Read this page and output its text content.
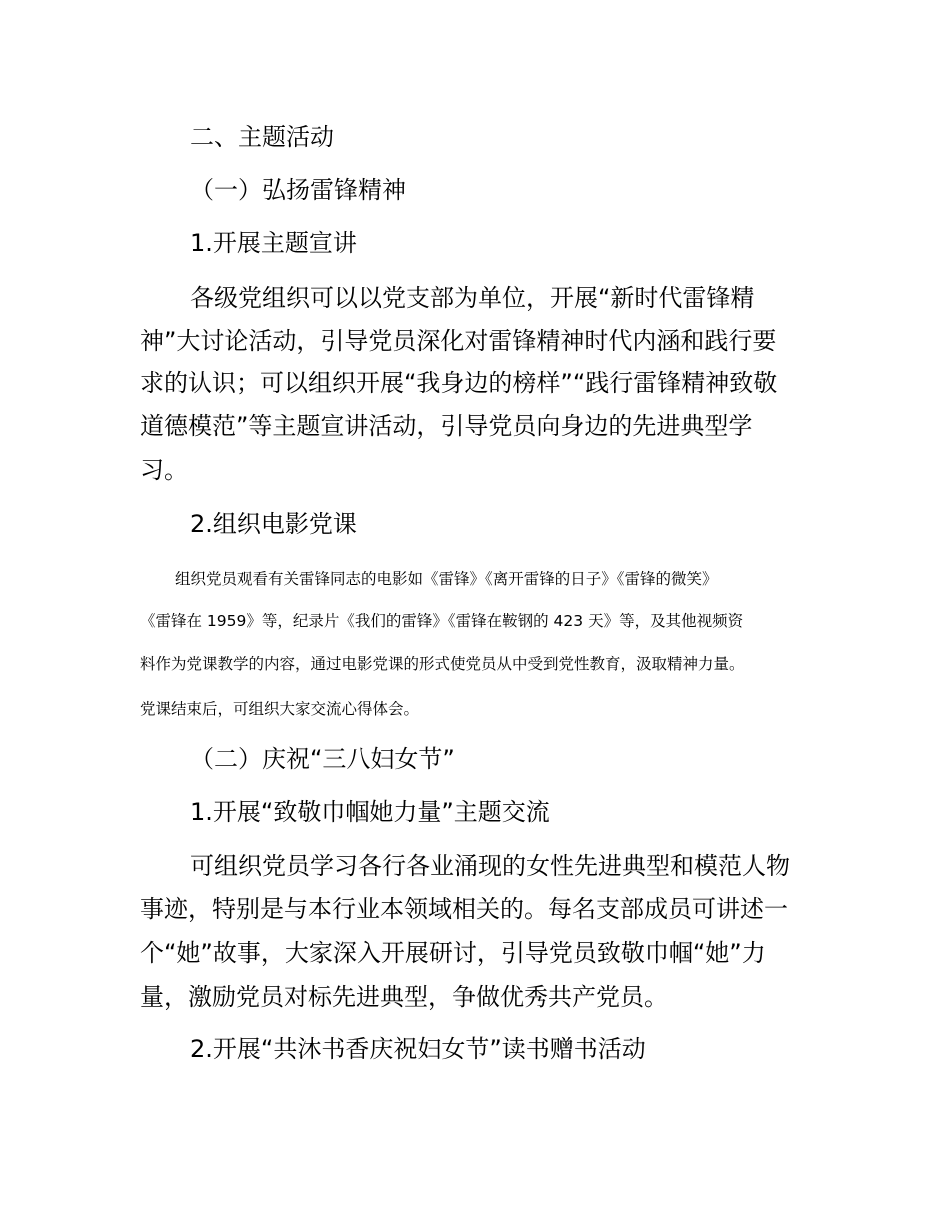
二、主题活动
（一）弘扬雷锋精神
1.开展主题宣讲
各级党组织可以以党支部为单位，开展“新时代雷锋精
神”大讨论活动，引导党员深化对雷锋精神时代内涵和践行要
求的认识；可以组织开展“我身边的榜样”“践行雷锋精神致敬
道德模范”等主题宣讲活动，引导党员向身边的先进典型学
习。
2.组织电影党课
组织党员观看有关雷锋同志的电影如《雷锋》《离开雷锋的日子》《雷锋的微笑》
《雷锋在 1959》等，纪录片《我们的雷锋》《雷锋在鞍钢的 423 天》等，及其他视频资
料作为党课教学的内容，通过电影党课的形式使党员从中受到党性教育，汲取精神力量。
党课结束后，可组织大家交流心得体会。
（二）庆祝“三八妇女节”
1.开展“致敬巾帼她力量”主题交流
可组织党员学习各行各业涌现的女性先进典型和模范人物
事迹，特别是与本行业本领域相关的。每名支部成员可讲述一
个“她”故事，大家深入开展研讨，引导党员致敬巾帼“她”力
量，激励党员对标先进典型，争做优秀共产党员。
2.开展“共沐书香庆祝妇女节”读书赠书活动
